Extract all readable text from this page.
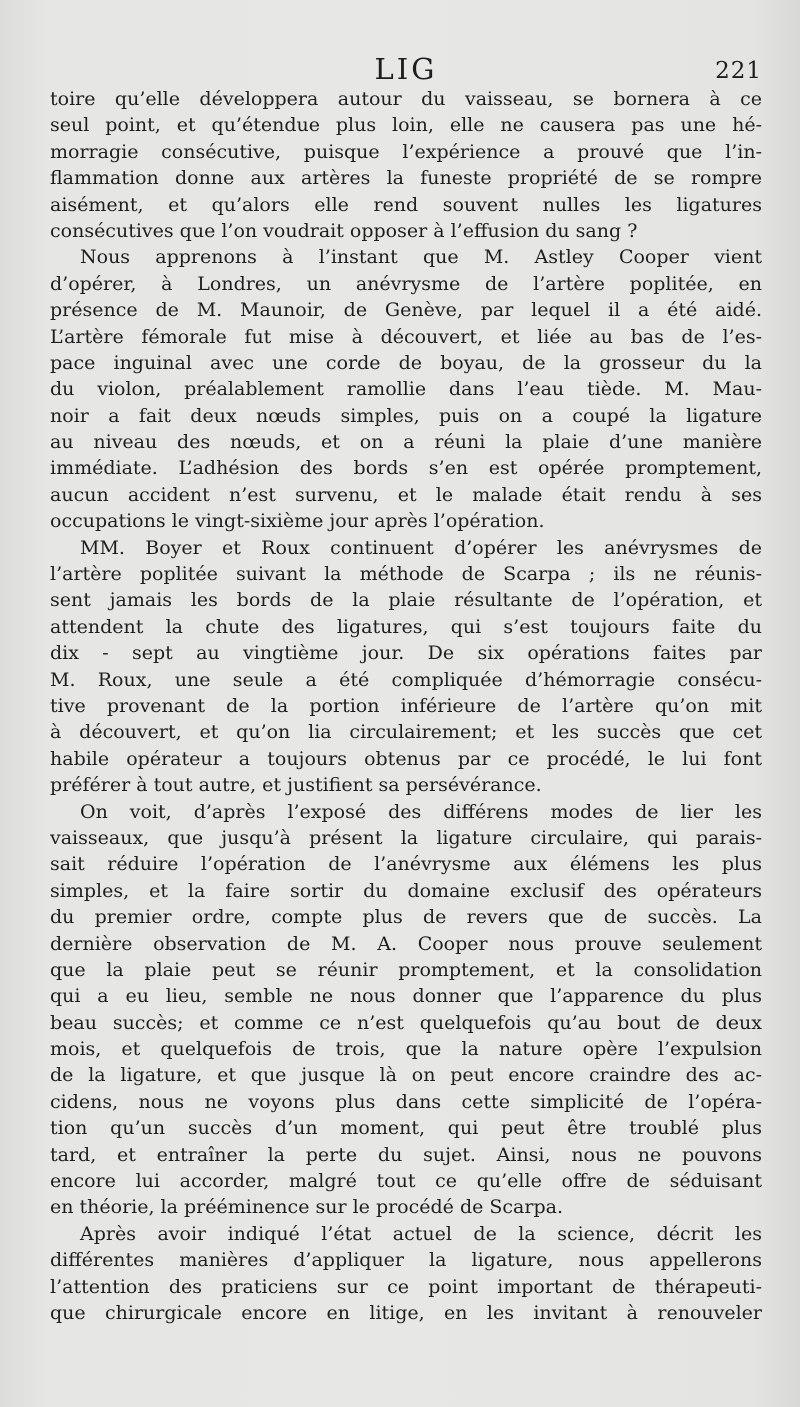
LIG	221
toire qu’elle développera autour du vaisseau, se bornera à ce
seul point, et qu’étendue plus loin, elle ne causera pas une hé-
morragie consécutive, puisque l’expérience a prouvé que l’in-
flammation donne aux artères la funeste propriété de se rompre
aisément, et qu’alors elle rend souvent nulles les ligatures
consécutives que l’on voudrait opposer à l’effusion du sang ?
Nous apprenons à l’instant que M. Astley Cooper vient
d’opérer, à Londres, un anévrysme de l’artère poplitée, en
présence de M. Maunoir, de Genève, par lequel il a été aidé.
L’artère fémorale fut mise à découvert, et liée au bas de l’es-
pace inguinal avec une corde de boyau, de la grosseur du la
du violon, préalablement ramollie dans l’eau tiède. M. Mau-
noir a fait deux nœuds simples, puis on a coupé la ligature
au niveau des nœuds, et on a réuni la plaie d’une manière
immédiate. L’adhésion des bords s’en est opérée promptement,
aucun accident n’est survenu, et le malade était rendu à ses
occupations le vingt-sixième jour après l’opération.
MM. Boyer et Roux continuent d’opérer les anévrysmes de
l’artère poplitée suivant la méthode de Scarpa ; ils ne réunis-
sent jamais les bords de la plaie résultante de l’opération, et
attendent la chute des ligatures, qui s’est toujours faite du
dix - sept au vingtième jour. De six opérations faites par
M. Roux, une seule a été compliquée d’hémorragie consécu-
tive provenant de la portion inférieure de l’artère qu’on mit
à découvert, et qu’on lia circulairement; et les succès que cet
habile opérateur a toujours obtenus par ce procédé, le lui font
préférer à tout autre, et justifient sa persévérance.
On voit, d’après l’exposé des différens modes de lier les
vaisseaux, que jusqu’à présent la ligature circulaire, qui parais-
sait réduire l’opération de l’anévrysme aux élémens les plus
simples, et la faire sortir du domaine exclusif des opérateurs
du premier ordre, compte plus de revers que de succès. La
dernière observation de M. A. Cooper nous prouve seulement
que la plaie peut se réunir promptement, et la consolidation
qui a eu lieu, semble ne nous donner que l’apparence du plus
beau succès; et comme ce n’est quelquefois qu’au bout de deux
mois, et quelquefois de trois, que la nature opère l’expulsion
de la ligature, et que jusque là on peut encore craindre des ac-
cidens, nous ne voyons plus dans cette simplicité de l’opéra-
tion qu’un succès d’un moment, qui peut être troublé plus
tard, et entraîner la perte du sujet. Ainsi, nous ne pouvons
encore lui accorder, malgré tout ce qu’elle offre de séduisant
en théorie, la prééminence sur le procédé de Scarpa.
Après avoir indiqué l’état actuel de la science, décrit les
différentes manières d’appliquer la ligature, nous appellerons
l’attention des praticiens sur ce point important de thérapeuti-
que chirurgicale encore en litige, en les invitant à renouveler
